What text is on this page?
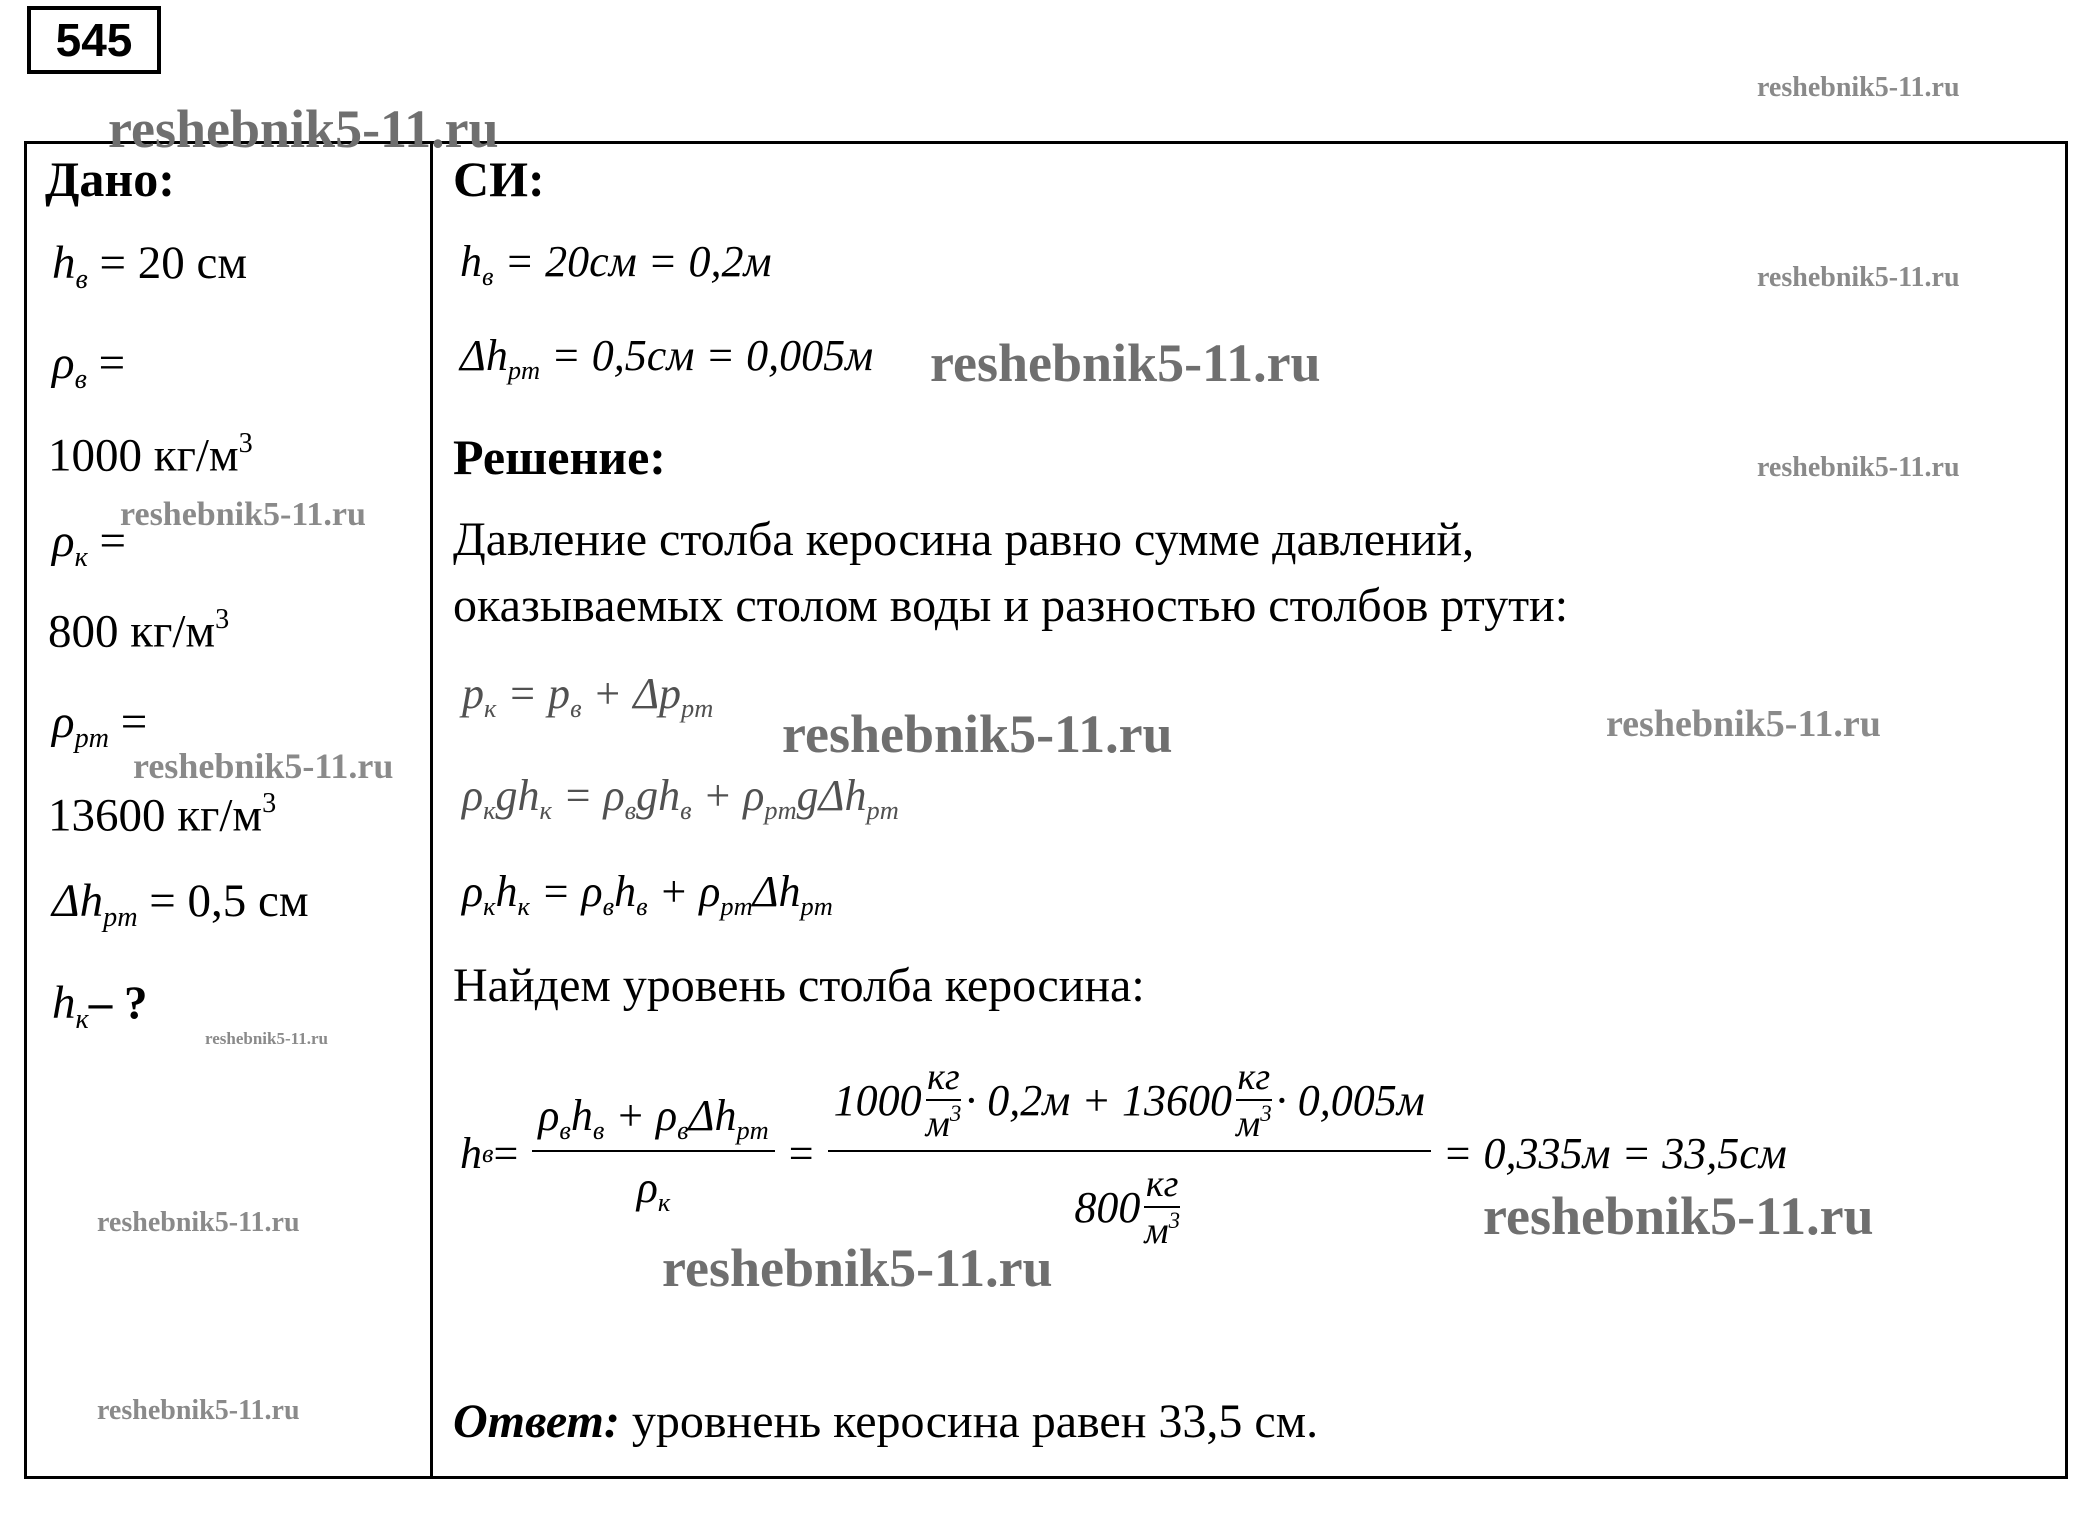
545
reshebnik5-11.ru
reshebnik5-11.ru
reshebnik5-11.ru
reshebnik5-11.ru
reshebnik5-11.ru
reshebnik5-11.ru
reshebnik5-11.ru
reshebnik5-11.ru	reshebnik5-11.ru
reshebnik5-11.ru
reshebnik5-11.ru
reshebnik5-11.ru
reshebnik5-11.ru
reshebnik5-11.ru
Дано:
$h_в = 20$ см
$\rho_в$ =
1000 $кг/м^3$
$\rho_к$ =
800 $кг/м^3$
$\rho_{pm}$ =
13600 $кг/м^3$
$\Delta h_{pm} = 0,5$ см
$h_к-$ ?
СИ:
$h_в = 20см = 0,2м$
$\Delta h_{pm} = 0,5см = 0,005м$
Решение:
Давление столба керосина равно сумме давлений,
оказываемых столом воды и разностью столбов ртути:
$p_к = p_в + \Delta p_{pm}$
$\rho_кgh_к = \rho_вgh_в + \rho_{pm}g\Delta h_{pm}$
$\rho_кh_к = \rho_вh_в + \rho_{pm}\Delta h_{pm}$
Найдем уровень столба керосина:
h $в = \frac{\rho_вh_в + \rho_в\Delta h_{pm}}{\rho_к}$ =
$1000 \frac{кг}{м^3} \cdot 0,2м + 13600 \frac{кг}{м^3} \cdot 0,005м$
$800 \frac{кг}{м^3}$
= 0,335м = 33,5см
Ответ: уровнень керосина равен 33,5 см.
